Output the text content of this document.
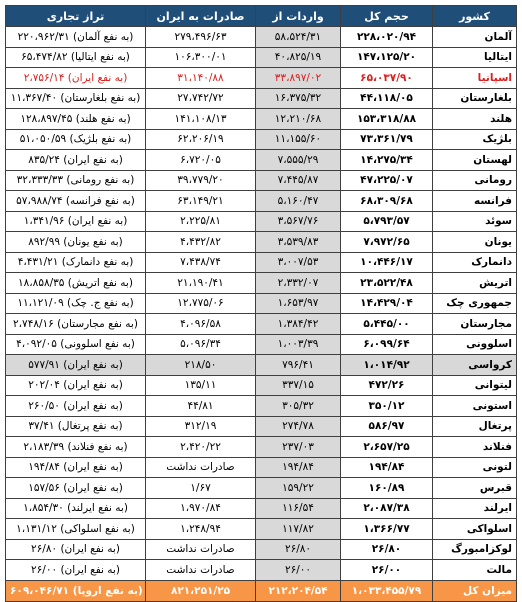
تراز تجاری	صادرات به ایران	واردات از	حجم کل	کشور
۲۲۰،۹۶۲/۳۱ (به نفع آلمان)	۲۷۹،۴۹۶/۶۳	۵۸،۵۲۴/۳۱	۲۲۸،۰۲۰/۹۴	آلمان
۶۵،۴۷۴/۸۲ (به نفع ایتالیا)	۱۰۶،۳۰۰/۰۱	۴۰،۸۲۵/۱۹	۱۴۷،۱۲۵/۲۰	ایتالیا
۲،۷۵۶/۱۴ (به نفع ایران)	۳۱،۱۴۰/۸۸	۳۳،۸۹۷/۰۲	۶۵،۰۳۷/۹۰	اسپانیا
۱۱،۳۶۷/۴۰ (به نفع بلغارستان)	۲۷،۷۴۲/۷۲	۱۶،۳۷۵/۳۲	۴۴،۱۱۸/۰۵	بلغارستان
۱۲۸،۸۹۷/۴۵ (به نفع هلند)	۱۴۱،۱۰۸/۱۳	۱۲،۲۱۰/۶۸	۱۵۳،۳۱۸/۸۸	هلند
۵۱،۰۵۰/۵۹ (به نفع بلژیک)	۶۲،۲۰۶/۱۹	۱۱،۱۵۵/۶۰	۷۳،۳۶۱/۷۹	بلژیک
۸۳۵/۲۴ (به نفع ایران)	۶،۷۲۰/۰۵	۷،۵۵۵/۲۹	۱۴،۲۷۵/۳۴	لهستان
۳۲،۳۳۳/۳۳ (به نفع رومانی)	۳۹،۷۷۹/۲۰	۷،۴۴۵/۸۷	۴۷،۲۲۵/۰۷	رومانی
۵۷،۹۸۸/۷۴ (به نفع فرانسه)	۶۳،۱۴۹/۲۱	۵،۱۶۰/۴۷	۶۸،۳۰۹/۶۸	فرانسه
۱،۳۴۱/۹۶ (به نفع ایران)	۲،۲۲۵/۸۱	۳،۵۶۷/۷۶	۵،۷۹۳/۵۷	سوئد
۸۹۲/۹۹ (به نفع یونان)	۴،۴۳۲/۸۲	۳،۵۳۹/۸۳	۷،۹۷۲/۶۵	یونان
۴،۴۳۱/۲۱ (به نفع دانمارک)	۷،۴۳۸/۷۴	۳،۰۰۷/۵۳	۱۰،۴۴۶/۱۷	دانمارک
۱۸،۸۵۸/۳۵ (به نفع اتریش)	۲۱،۱۹۰/۴۱	۲،۳۳۲/۰۷	۲۳،۵۲۲/۴۸	اتریش
۱۱،۱۲۱/۰۹ (به نفع ج. چک)	۱۲،۷۷۵/۰۶	۱،۶۵۳/۹۷	۱۴،۴۲۹/۰۴	جمهوری چک
۲،۷۴۸/۱۶ (به نفع مجارستان)	۴،۰۹۶/۵۸	۱،۳۸۴/۴۲	۵،۴۴۵/۰۰	مجارستان
۴،۰۹۲/۰۵ (به نفع اسلوونی)	۵،۰۹۶/۳۴	۱،۰۰۳/۳۹	۶،۰۹۹/۶۴	اسلوونی
۵۷۷/۹۱ (به نفع ایران)	۲۱۸/۵۰	۷۹۶/۴۱	۱،۰۱۴/۹۲	کرواسی
۲۰۲/۰۴ (به نفع ایران)	۱۳۵/۱۱	۳۳۷/۱۵	۴۷۲/۲۶	لیتوانی
۲۶۰/۵۰ (به نفع ایران)	۴۴/۸۱	۳۰۵/۳۲	۳۵۰/۱۲	استونی
۳۷/۴۱ (به نفع پرتغال)	۳۱۲/۱۹	۲۷۴/۷۸	۵۸۶/۹۷	پرتغال
۲،۱۸۳/۳۹ (به نفع فنلاند)	۲،۴۲۰/۲۲	۲۳۷/۰۳	۲،۶۵۷/۲۵	فنلاند
۱۹۴/۸۴ (به نفع ایران)	صادرات نداشت	۱۹۴/۸۴	۱۹۴/۸۴	لتونی
۱۵۷/۵۶ (به نفع ایران)	۱/۶۷	۱۵۹/۲۲	۱۶۰/۸۹	قبرس
۱،۸۵۴/۳۰ (به نفع ایرلند)	۱،۹۷۰/۸۴	۱۱۶/۵۴	۲،۰۸۷/۳۸	ایرلند
۱،۱۳۱/۱۲ (به نفع اسلواکی)	۱،۲۴۸/۹۴	۱۱۷/۸۲	۱،۳۶۶/۷۷	اسلواکی
۲۶/۸۰ (به نفع ایران)	صادرات نداشت	۲۶/۸۰	۲۶/۸۰	لوکزامبورگ
۲۶/۰۰ (به نفع ایران)	صادرات نداشت	۲۶/۰۰	۲۶/۰۰	مالت
۶۰۹،۰۴۶/۷۱ (به نفع اروپا)	۸۲۱،۲۵۱/۲۵	۲۱۲،۲۰۴/۵۴	۱،۰۳۳،۴۵۵/۷۹	میزان کل
